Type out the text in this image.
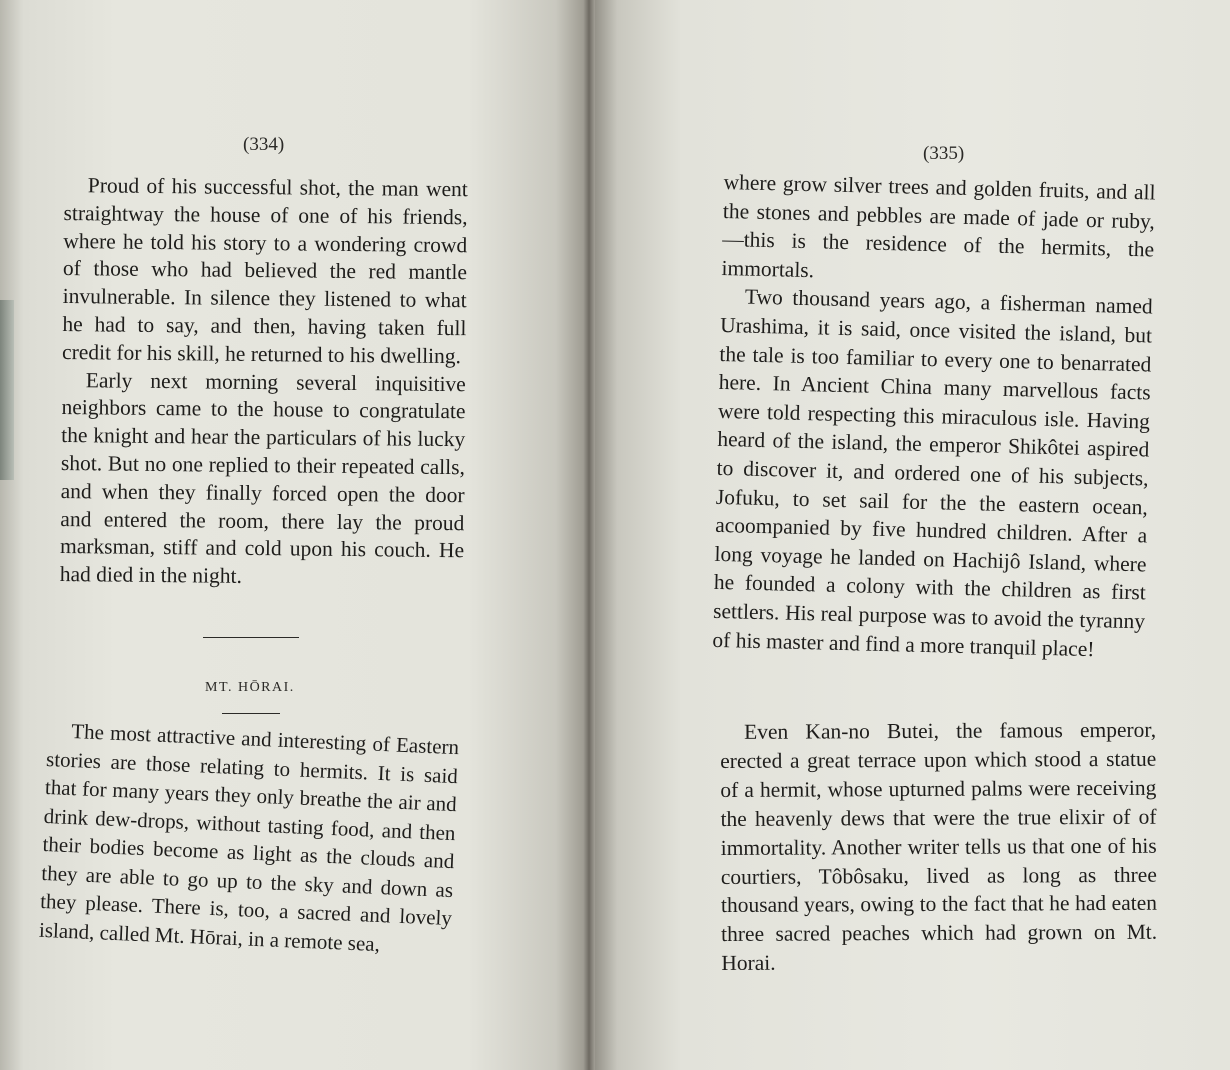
(334)	(335)

Proud of his successful shot, the man went straightway the house of one of his friends, where he told his story to a wondering crowd of those who had believed the red mantle invulnerable. In silence they listened to what he had to say, and then, having taken full credit for his skill, he returned to his dwelling.

Early next morning several inquisitive neighbors came to the house to congratulate the knight and hear the particulars of his lucky shot. But no one replied to their repeated calls, and when they finally forced open the door and entered the room, there lay the proud marksman, stiff and cold upon his couch. He had died in the night.

MT. HŌRAI.

The most attractive and interesting of Eastern stories are those relating to hermits. It is said that for many years they only breathe the air and drink dew-drops, without tasting food, and then their bodies become as light as the clouds and they are able to go up to the sky and down as they please. There is, too, a sacred and lovely island, called Mt. Hōrai, in a remote sea,

where grow silver trees and golden fruits, and all the stones and pebbles are made of jade or ruby,—this is the residence of the hermits, the immortals.

Two thousand years ago, a fisherman named Urashima, it is said, once visited the island, but the tale is too familiar to every one to benarrated here. In Ancient China many marvellous facts were told respecting this miraculous isle. Having heard of the island, the emperor Shikôtei aspired to discover it, and ordered one of his subjects, Jofuku, to set sail for the the eastern ocean, acoompanied by five hundred children. After a long voyage he landed on Hachijô Island, where he founded a colony with the children as first settlers. His real purpose was to avoid the tyranny of his master and find a more tranquil place!

Even Kan-no Butei, the famous emperor, erected a great terrace upon which stood a statue of a hermit, whose upturned palms were receiving the heavenly dews that were the true elixir of of immortality. Another writer tells us that one of his courtiers, Tôbôsaku, lived as long as three thousand years, owing to the fact that he had eaten three sacred peaches which had grown on Mt. Horai.
